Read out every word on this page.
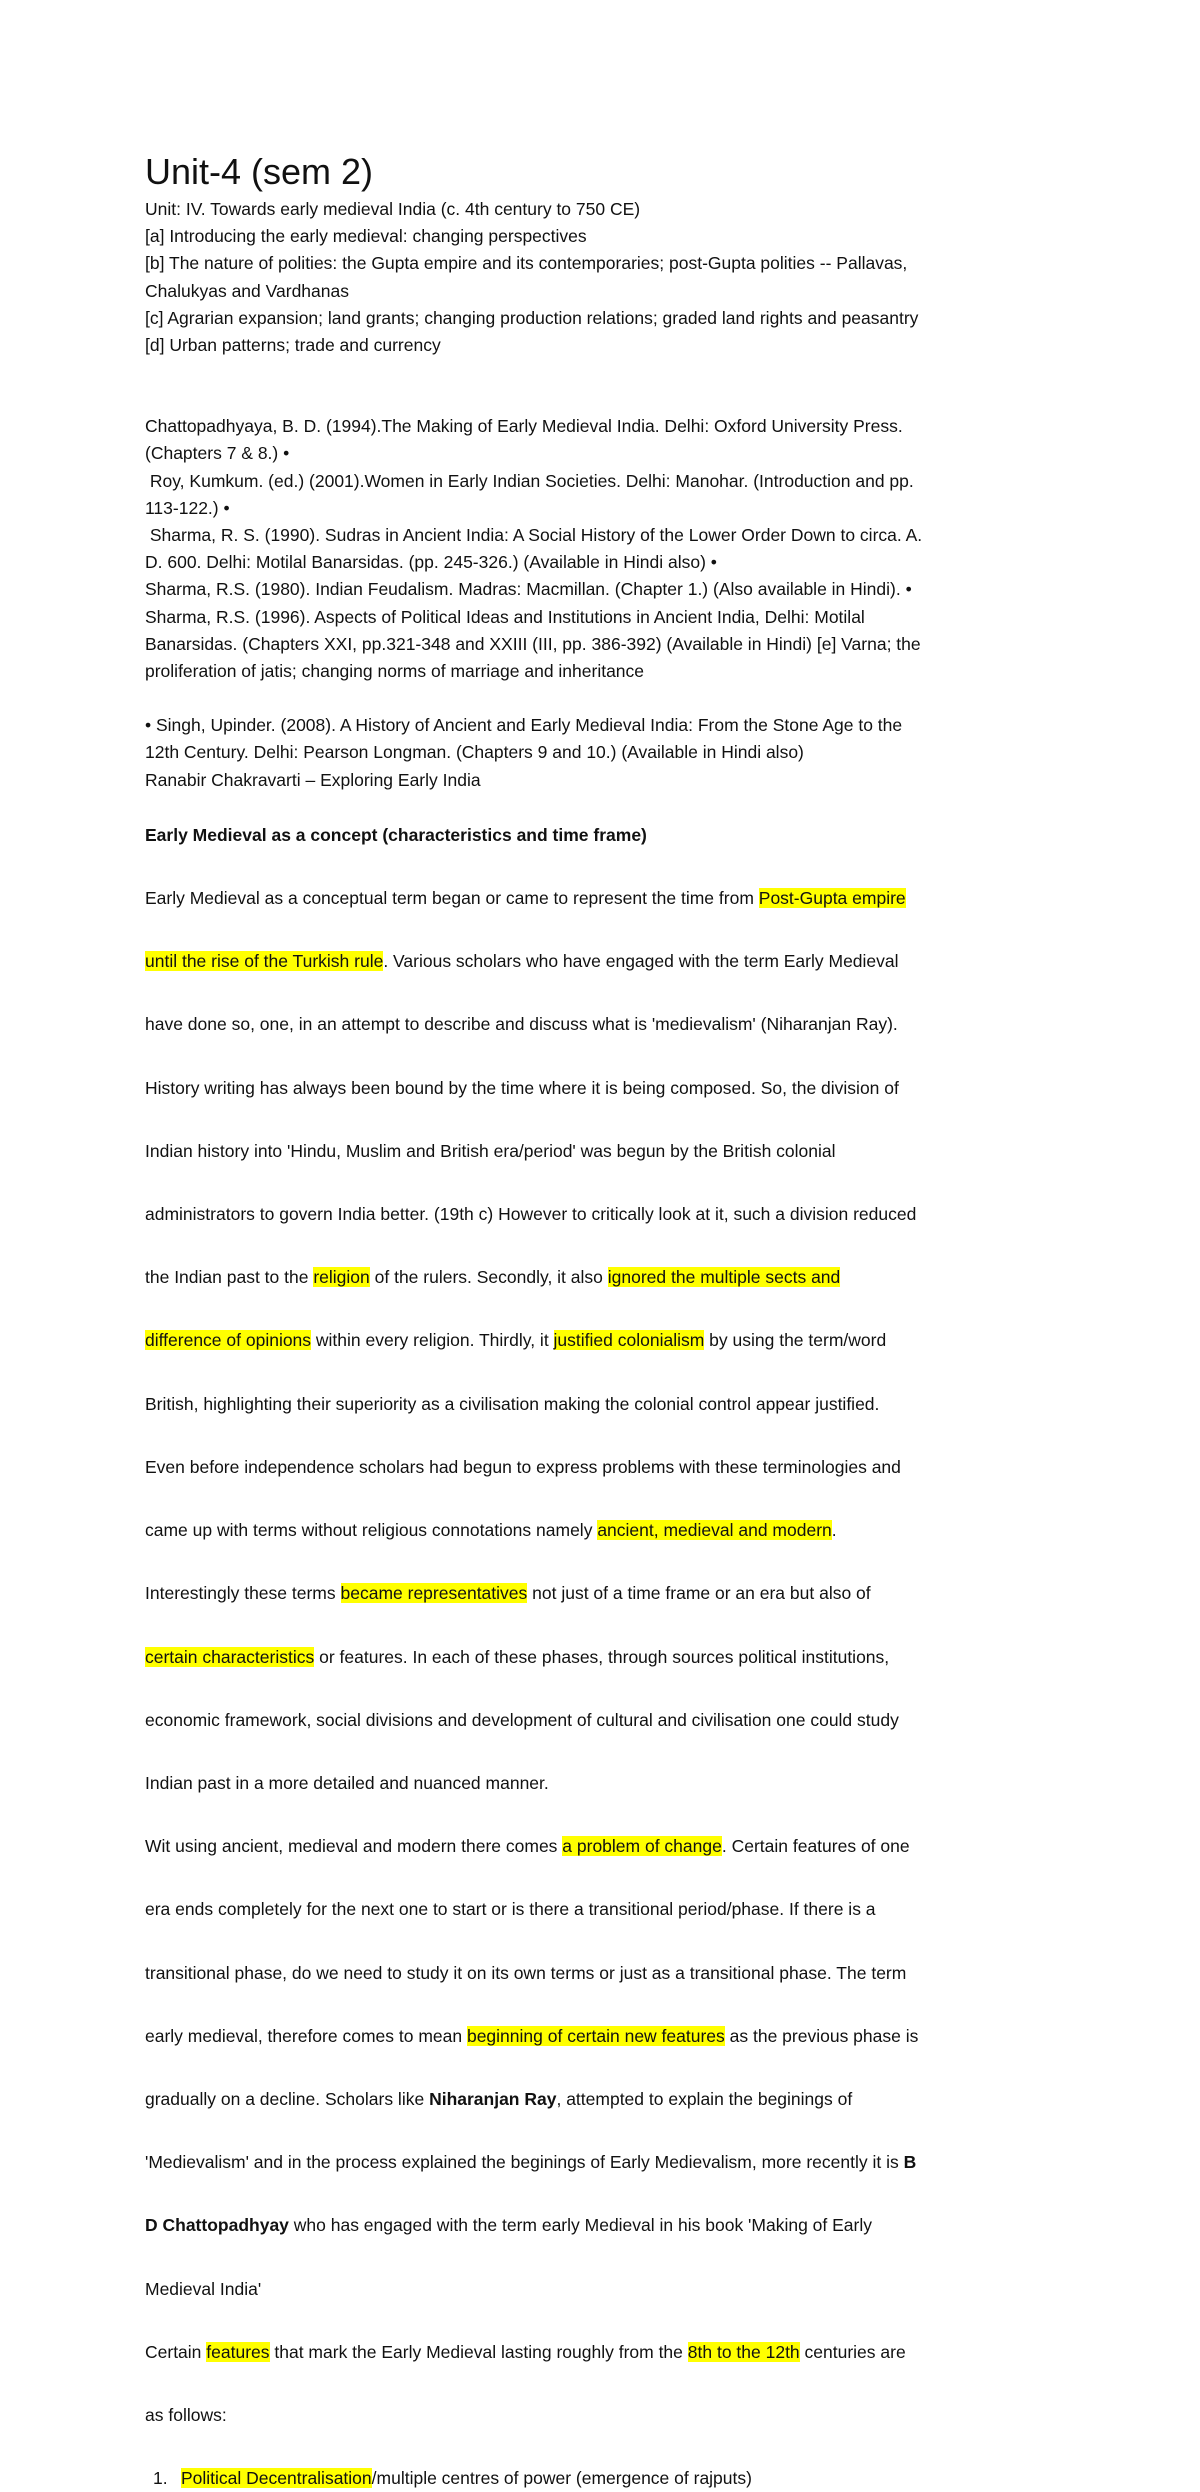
Unit-4 (sem 2)
Unit: IV. Towards early medieval India (c. 4th century to 750 CE)
[a] Introducing the early medieval: changing perspectives
[b] The nature of polities: the Gupta empire and its contemporaries; post-Gupta polities -- Pallavas,
Chalukyas and Vardhanas
[c] Agrarian expansion; land grants; changing production relations; graded land rights and peasantry
[d] Urban patterns; trade and currency
Chattopadhyaya, B. D. (1994).The Making of Early Medieval India. Delhi: Oxford University Press.
(Chapters 7 & 8.) •
Roy, Kumkum. (ed.) (2001).Women in Early Indian Societies. Delhi: Manohar. (Introduction and pp.
113-122.) •
Sharma, R. S. (1990). Sudras in Ancient India: A Social History of the Lower Order Down to circa. A.
D. 600. Delhi: Motilal Banarsidas. (pp. 245-326.) (Available in Hindi also) •
Sharma, R.S. (1980). Indian Feudalism. Madras: Macmillan. (Chapter 1.) (Also available in Hindi). •
Sharma, R.S. (1996). Aspects of Political Ideas and Institutions in Ancient India, Delhi: Motilal
Banarsidas. (Chapters XXI, pp.321-348 and XXIII (III, pp. 386-392) (Available in Hindi) [e] Varna; the
proliferation of jatis; changing norms of marriage and inheritance
• Singh, Upinder. (2008). A History of Ancient and Early Medieval India: From the Stone Age to the
12th Century. Delhi: Pearson Longman. (Chapters 9 and 10.) (Available in Hindi also)
Ranabir Chakravarti – Exploring Early India
Early Medieval as a concept (characteristics and time frame)

Early Medieval as a conceptual term began or came to represent the time from Post-Gupta empire

until the rise of the Turkish rule. Various scholars who have engaged with the term Early Medieval

have done so, one, in an attempt to describe and discuss what is 'medievalism' (Niharanjan Ray).

History writing has always been bound by the time where it is being composed. So, the division of

Indian history into 'Hindu, Muslim and British era/period' was begun by the British colonial

administrators to govern India better. (19th c) However to critically look at it, such a division reduced

the Indian past to the religion of the rulers. Secondly, it also ignored the multiple sects and

difference of opinions within every religion. Thirdly, it justified colonialism by using the term/word

British, highlighting their superiority as a civilisation making the colonial control appear justified.

Even before independence scholars had begun to express problems with these terminologies and

came up with terms without religious connotations namely ancient, medieval and modern.

Interestingly these terms became representatives not just of a time frame or an era but also of

certain characteristics or features. In each of these phases, through sources political institutions,

economic framework, social divisions and development of cultural and civilisation one could study

Indian past in a more detailed and nuanced manner.

Wit using ancient, medieval and modern there comes a problem of change. Certain features of one

era ends completely for the next one to start or is there a transitional period/phase. If there is a

transitional phase, do we need to study it on its own terms or just as a transitional phase. The term

early medieval, therefore comes to mean beginning of certain new features as the previous phase is

gradually on a decline. Scholars like Niharanjan Ray, attempted to explain the beginings of

'Medievalism' and in the process explained the beginings of Early Medievalism, more recently it is B

D Chattopadhyay who has engaged with the term early Medieval in his book 'Making of Early

Medieval India'

Certain features that mark the Early Medieval lasting roughly from the 8th to the 12th centuries are

as follows:

1. Political Decentralisation/multiple centres of power (emergence of rajputs)
